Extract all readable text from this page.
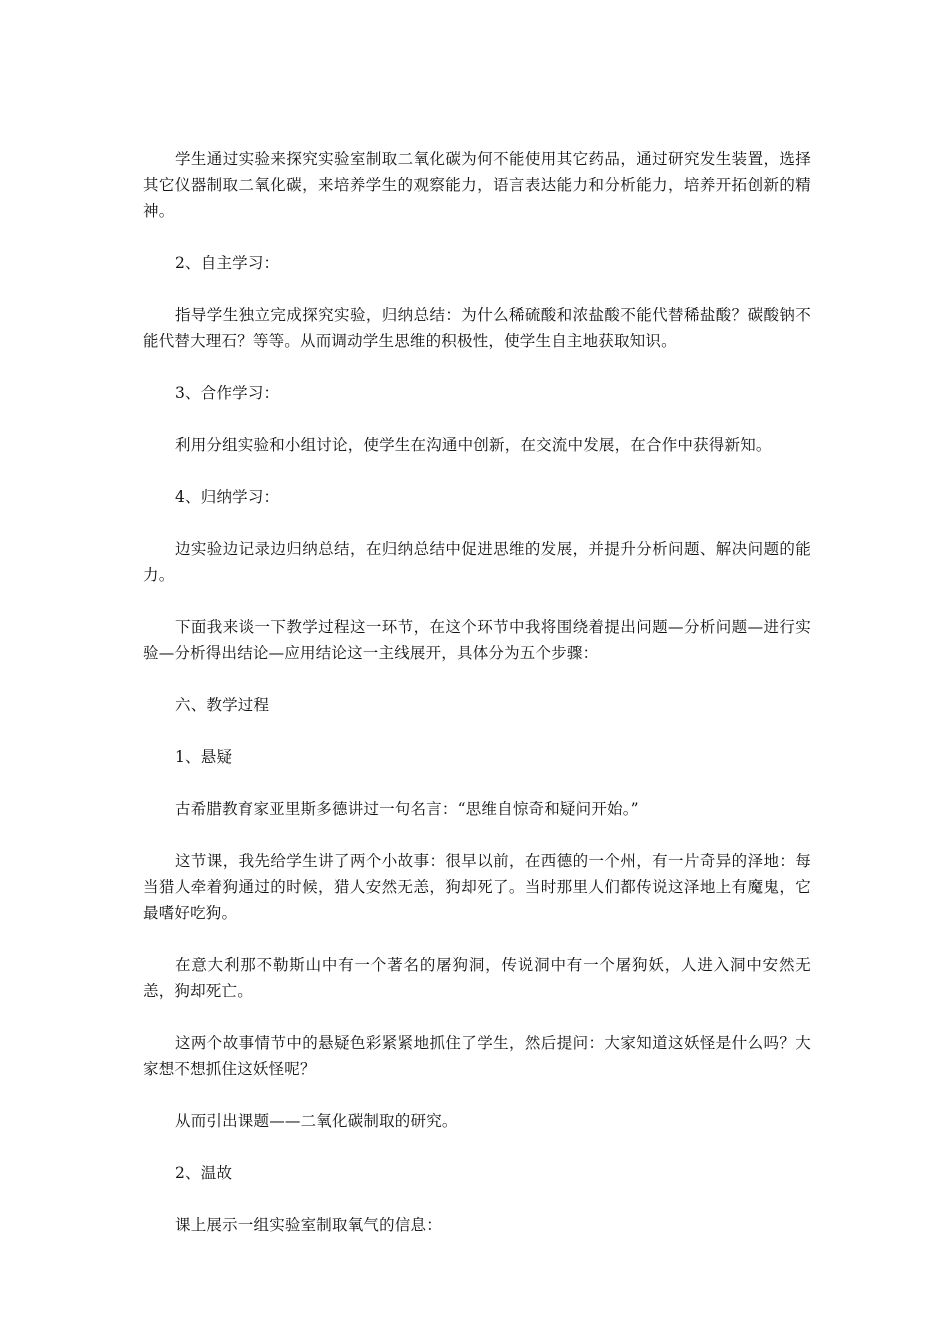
学生通过实验来探究实验室制取二氧化碳为何不能使用其它药品，通过研究发生装置，选择其它仪器制取二氧化碳，来培养学生的观察能力，语言表达能力和分析能力，培养开拓创新的精神。

2、自主学习：

指导学生独立完成探究实验，归纳总结：为什么稀硫酸和浓盐酸不能代替稀盐酸？碳酸钠不能代替大理石？等等。从而调动学生思维的积极性，使学生自主地获取知识。

3、合作学习：

利用分组实验和小组讨论，使学生在沟通中创新，在交流中发展，在合作中获得新知。

4、归纳学习：

边实验边记录边归纳总结，在归纳总结中促进思维的发展，并提升分析问题、解决问题的能力。

下面我来谈一下教学过程这一环节，在这个环节中我将围绕着提出问题—分析问题—进行实验—分析得出结论—应用结论这一主线展开，具体分为五个步骤：

六、教学过程

1、悬疑

古希腊教育家亚里斯多德讲过一句名言：“思维自惊奇和疑问开始。”

这节课，我先给学生讲了两个小故事：很早以前，在西德的一个州，有一片奇异的泽地：每当猎人牵着狗通过的时候，猎人安然无恙，狗却死了。当时那里人们都传说这泽地上有魔鬼，它最嗜好吃狗。

在意大利那不勒斯山中有一个著名的屠狗洞，传说洞中有一个屠狗妖，人进入洞中安然无恙，狗却死亡。

这两个故事情节中的悬疑色彩紧紧地抓住了学生，然后提问：大家知道这妖怪是什么吗？大家想不想抓住这妖怪呢？

从而引出课题——二氧化碳制取的研究。

2、温故

课上展示一组实验室制取氧气的信息：
